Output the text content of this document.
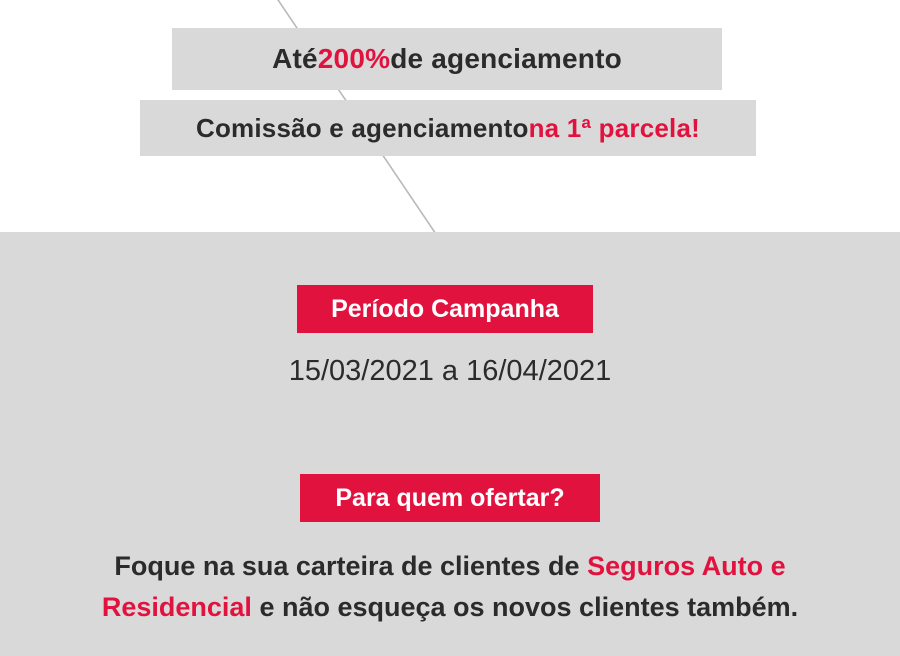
Até 200% de agenciamento
Comissão e agenciamento na 1ª parcela!
Período Campanha
15/03/2021 a 16/04/2021
Para quem ofertar?
Foque na sua carteira de clientes de Seguros Auto e Residencial e não esqueça os novos clientes também.
